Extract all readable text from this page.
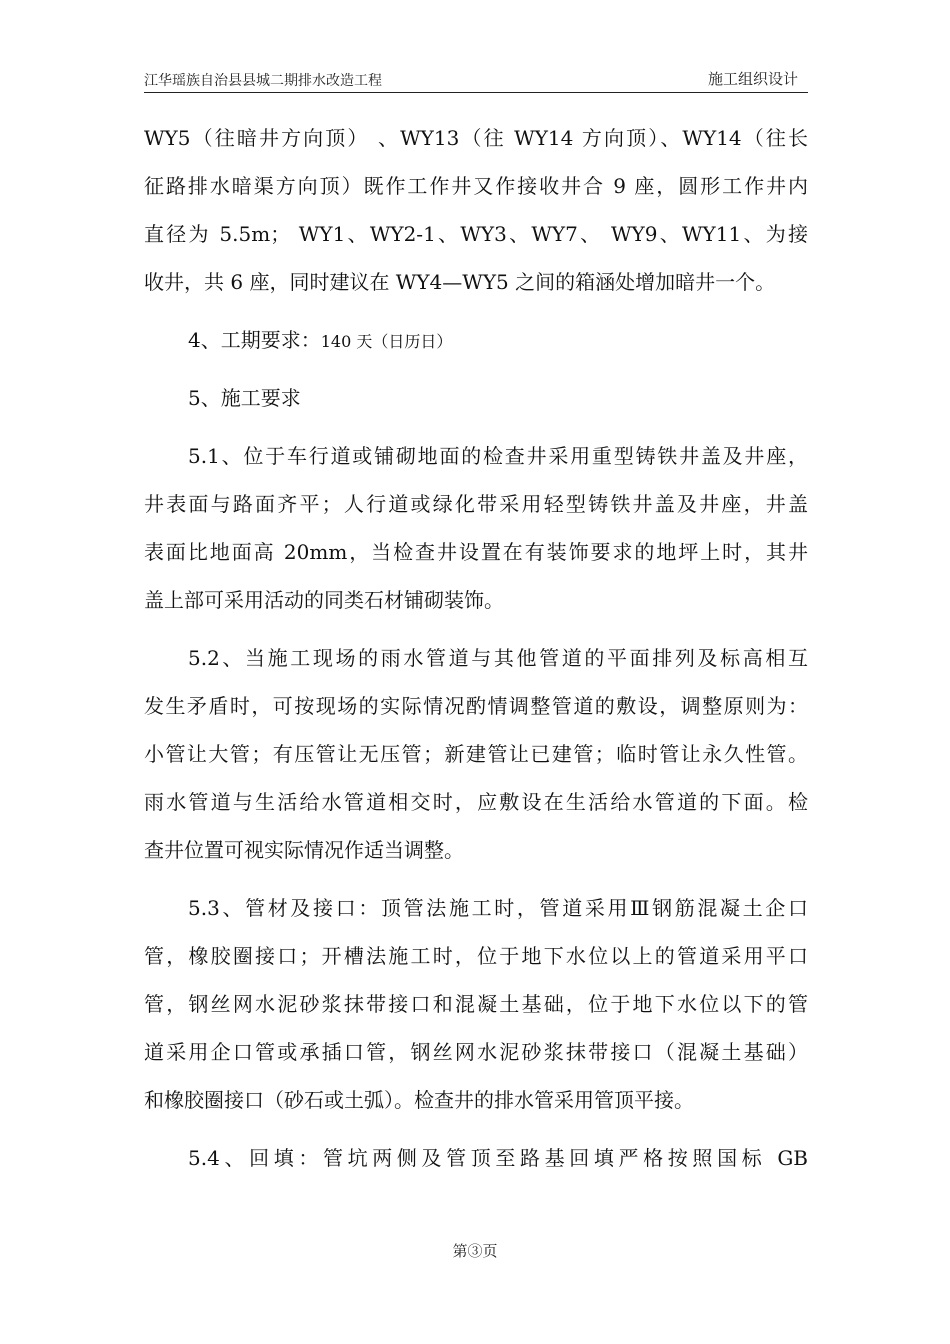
江华瑶族自治县县城二期排水改造工程	施工组织设计
WY5（往暗井方向顶） 、WY13（往 WY14 方向顶）、WY14（往长
征路排水暗渠方向顶）既作工作井又作接收井合 9 座，圆形工作井内
直径为 5.5m； WY1、WY2-1、WY3、WY7、 WY9、WY11、为接
收井，共 6 座，同时建议在 WY4—WY5 之间的箱涵处增加暗井一个。
4、工期要求：140 天（日历日）
5、施工要求
5.1、位于车行道或铺砌地面的检查井采用重型铸铁井盖及井座，
井表面与路面齐平；人行道或绿化带采用轻型铸铁井盖及井座，井盖
表面比地面高 20mm，当检查井设置在有装饰要求的地坪上时，其井
盖上部可采用活动的同类石材铺砌装饰。
5.2、当施工现场的雨水管道与其他管道的平面排列及标高相互
发生矛盾时，可按现场的实际情况酌情调整管道的敷设，调整原则为：
小管让大管；有压管让无压管；新建管让已建管；临时管让永久性管。
雨水管道与生活给水管道相交时，应敷设在生活给水管道的下面。检
查井位置可视实际情况作适当调整。
5.3、管材及接口：顶管法施工时，管道采用Ⅲ钢筋混凝土企口
管，橡胶圈接口；开槽法施工时，位于地下水位以上的管道采用平口
管，钢丝网水泥砂浆抹带接口和混凝土基础，位于地下水位以下的管
道采用企口管或承插口管，钢丝网水泥砂浆抹带接口（混凝土基础）
和橡胶圈接口（砂石或土弧）。检查井的排水管采用管顶平接。
5.4、回填：管坑两侧及管顶至路基回填严格按照国标 GB
第③页
